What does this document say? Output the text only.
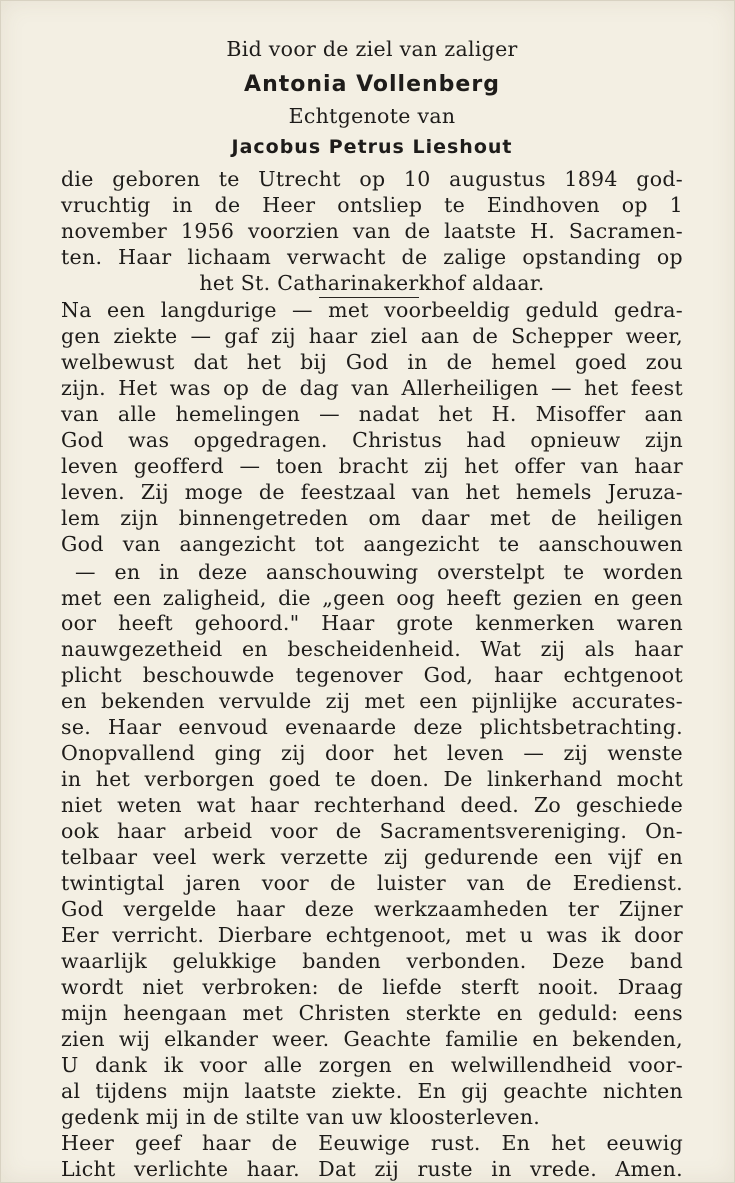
Bid voor de ziel van zaliger
Antonia Vollenberg
Echtgenote van
Jacobus Petrus Lieshout
die geboren te Utrecht op 10 augustus 1894 god-
vruchtig in de Heer ontsliep te Eindhoven op 1
november 1956 voorzien van de laatste H. Sacramen-
ten. Haar lichaam verwacht de zalige opstanding op
het St. Catharinakerkhof aldaar.
Na een langdurige — met voorbeeldig geduld gedra-
gen ziekte — gaf zij haar ziel aan de Schepper weer,
welbewust dat het bij God in de hemel goed zou
zijn. Het was op de dag van Allerheiligen — het feest
van alle hemelingen — nadat het H. Misoffer aan
God was opgedragen. Christus had opnieuw zijn
leven geofferd — toen bracht zij het offer van haar
leven. Zij moge de feestzaal van het hemels Jeruza-
lem zijn binnengetreden om daar met de heiligen
God van aangezicht tot aangezicht te aanschouwen
— en in deze aanschouwing overstelpt te worden
met een zaligheid, die „geen oog heeft gezien en geen
oor heeft gehoord." Haar grote kenmerken waren
nauwgezetheid en bescheidenheid. Wat zij als haar
plicht beschouwde tegenover God, haar echtgenoot
en bekenden vervulde zij met een pijnlijke accurates-
se. Haar eenvoud evenaarde deze plichtsbetrachting.
Onopvallend ging zij door het leven — zij wenste
in het verborgen goed te doen. De linkerhand mocht
niet weten wat haar rechterhand deed. Zo geschiede
ook haar arbeid voor de Sacramentsvereniging. On-
telbaar veel werk verzette zij gedurende een vijf en
twintigtal jaren voor de luister van de Eredienst.
God vergelde haar deze werkzaamheden ter Zijner
Eer verricht. Dierbare echtgenoot, met u was ik door
waarlijk gelukkige banden verbonden. Deze band
wordt niet verbroken: de liefde sterft nooit. Draag
mijn heengaan met Christen sterkte en geduld: eens
zien wij elkander weer. Geachte familie en bekenden,
U dank ik voor alle zorgen en welwillendheid voor-
al tijdens mijn laatste ziekte. En gij geachte nichten
gedenk mij in de stilte van uw kloosterleven.
Heer geef haar de Eeuwige rust. En het eeuwig
Licht verlichte haar. Dat zij ruste in vrede. Amen.
